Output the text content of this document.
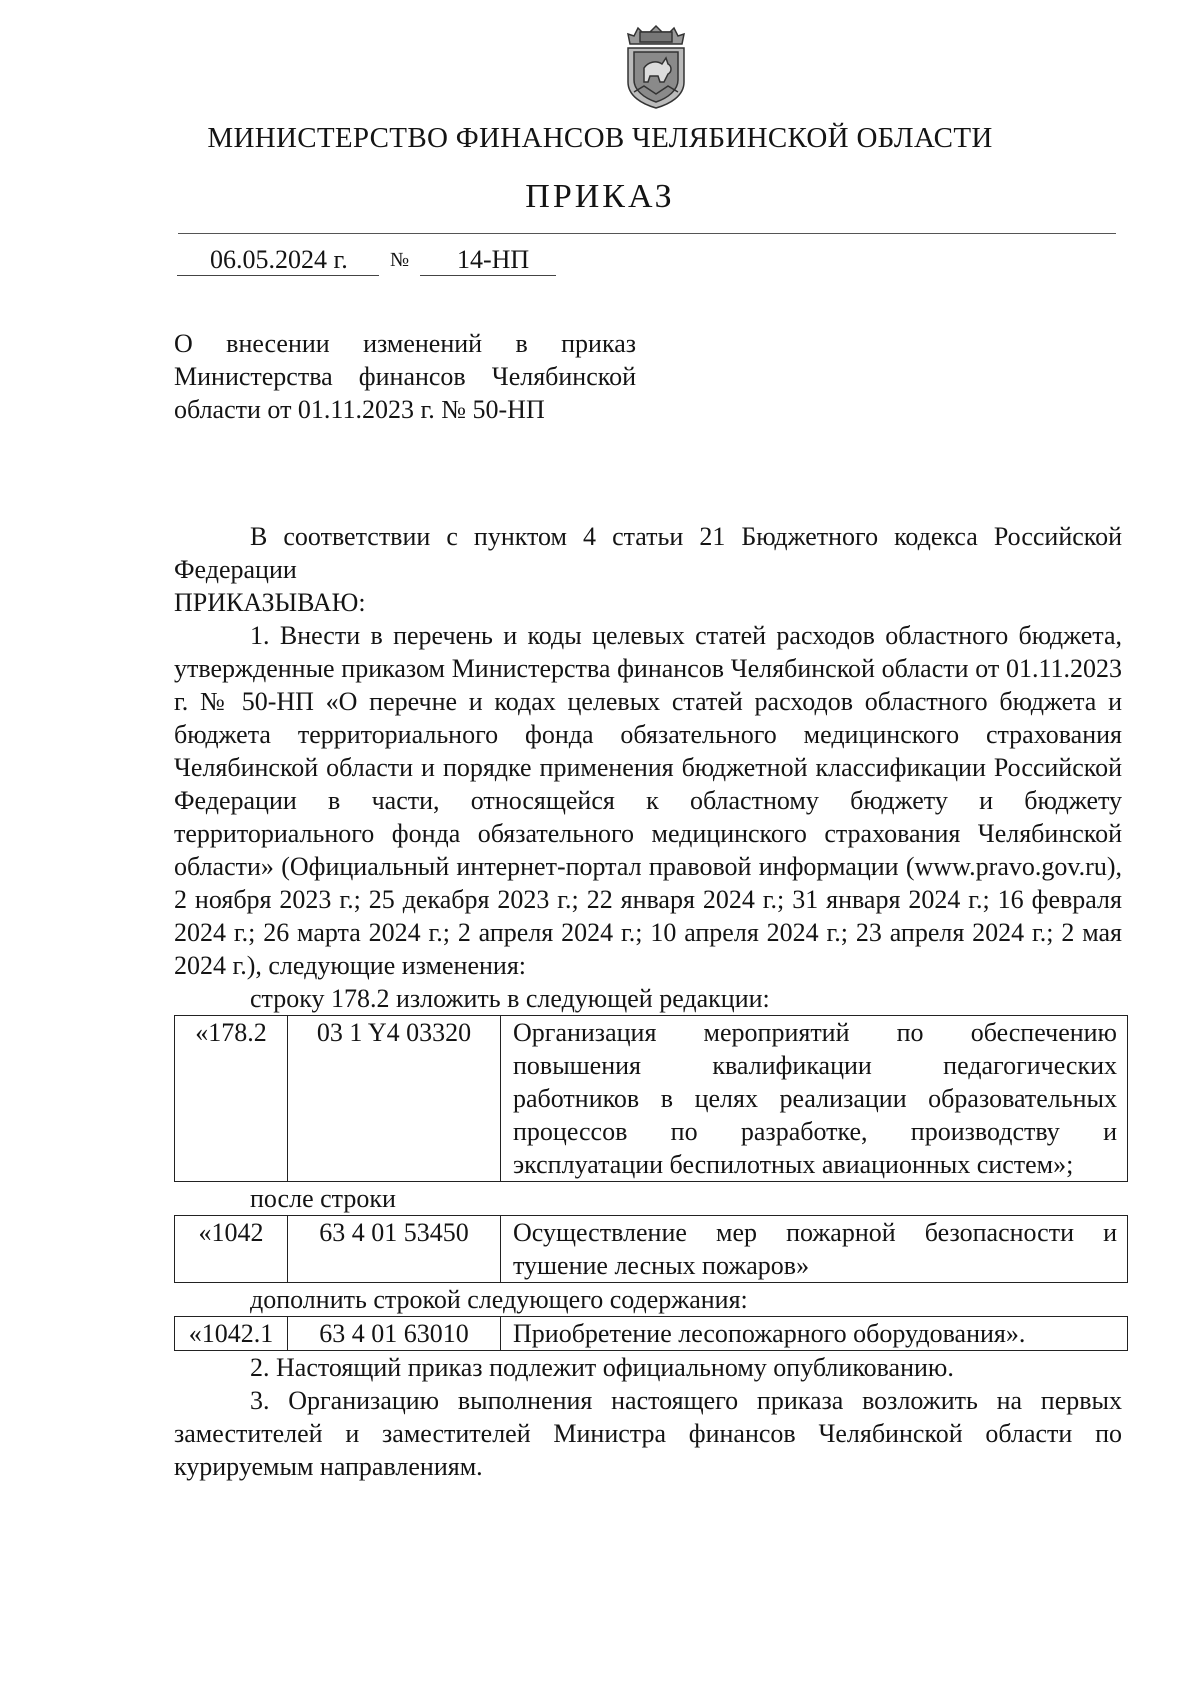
МИНИСТЕРСТВО ФИНАНСОВ ЧЕЛЯБИНСКОЙ ОБЛАСТИ
ПРИКАЗ
06.05.2024 г. № 14-НП
О внесении изменений в приказ Министерства финансов Челябинской области от 01.11.2023 г. № 50-НП

В соответствии с пунктом 4 статьи 21 Бюджетного кодекса Российской Федерации

ПРИКАЗЫВАЮ:

1. Внести в перечень и коды целевых статей расходов областного бюджета, утвержденные приказом Министерства финансов Челябинской области от 01.11.2023 г. № 50-НП «О перечне и кодах целевых статей расходов областного бюджета и бюджета территориального фонда обязательного медицинского страхования Челябинской области и порядке применения бюджетной классификации Российской Федерации в части, относящейся к областному бюджету и бюджету территориального фонда обязательного медицинского страхования Челябинской области» (Официальный интернет-портал правовой информации (www.pravo.gov.ru), 2 ноября 2023 г.; 25 декабря 2023 г.; 22 января 2024 г.; 31 января 2024 г.; 16 февраля 2024 г.; 26 марта 2024 г.; 2 апреля 2024 г.; 10 апреля 2024 г.; 23 апреля 2024 г.; 2 мая 2024 г.), следующие изменения:

строку 178.2 изложить в следующей редакции:

«178.2	03 1 Y4 03320	Организация мероприятий по обеспечению повышения квалификации педагогических работников в целях реализации образовательных процессов по разработке, производству и эксплуатации беспилотных авиационных систем»;

после строки

«1042	63 4 01 53450	Осуществление мер пожарной безопасности и тушение лесных пожаров»

дополнить строкой следующего содержания:

«1042.1	63 4 01 63010	Приобретение лесопожарного оборудования».

2. Настоящий приказ подлежит официальному опубликованию.

3. Организацию выполнения настоящего приказа возложить на первых заместителей и заместителей Министра финансов Челябинской области по курируемым направлениям.
